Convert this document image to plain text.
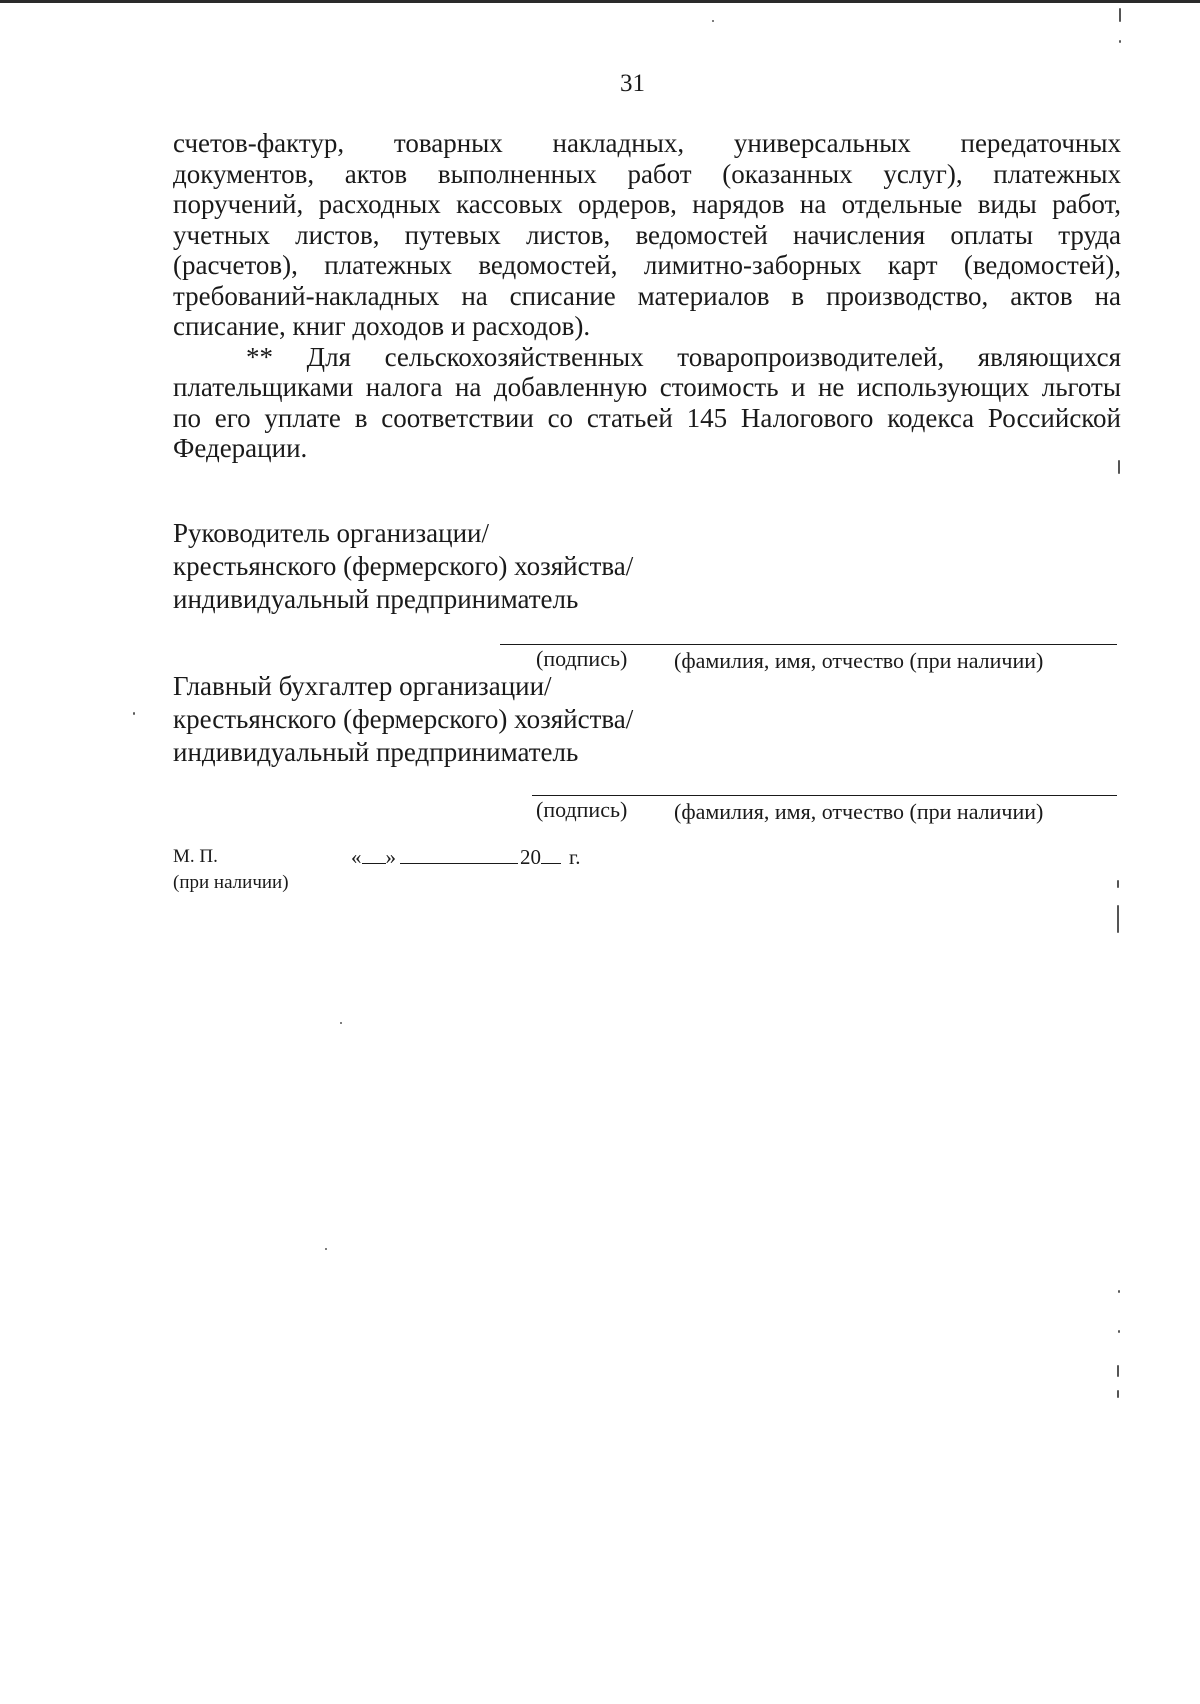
31
счетов-фактур, товарных накладных, универсальных передаточных
документов, актов выполненных работ (оказанных услуг), платежных
поручений, расходных кассовых ордеров, нарядов на отдельные виды работ,
учетных листов, путевых листов, ведомостей начисления оплаты труда
(расчетов), платежных ведомостей, лимитно-заборных карт (ведомостей),
требований-накладных на списание материалов в производство, актов на
списание, книг доходов и расходов).
** Для сельскохозяйственных товаропроизводителей, являющихся
плательщиками налога на добавленную стоимость и не использующих льготы
по его уплате в соответствии со статьей 145 Налогового кодекса Российской
Федерации.
Руководитель организации/
крестьянского (фермерского) хозяйства/
индивидуальный предприниматель
(подпись) (фамилия, имя, отчество (при наличии)
Главный бухгалтер организации/
крестьянского (фермерского) хозяйства/
индивидуальный предприниматель
(подпись) (фамилия, имя, отчество (при наличии)
М. П.
(при наличии)
« »	20 г.
